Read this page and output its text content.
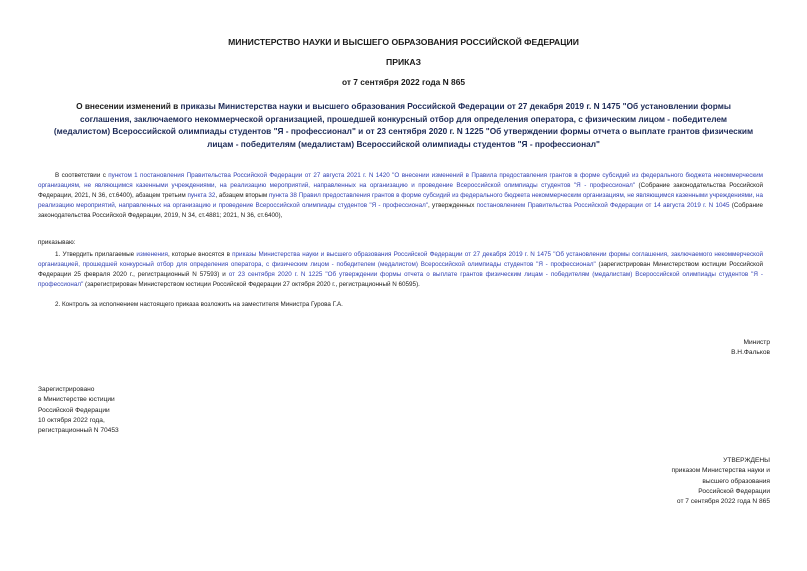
МИНИСТЕРСТВО НАУКИ И ВЫСШЕГО ОБРАЗОВАНИЯ РОССИЙСКОЙ ФЕДЕРАЦИИ
ПРИКАЗ
от 7 сентября 2022 года N 865
О внесении изменений в приказы Министерства науки и высшего образования Российской Федерации от 27 декабря 2019 г. N 1475 "Об установлении формы соглашения, заключаемого некоммерческой организацией, прошедшей конкурсный отбор для определения оператора, с физическим лицом - победителем (медалистом) Всероссийской олимпиады студентов "Я - профессионал" и от 23 сентября 2020 г. N 1225 "Об утверждении формы отчета о выплате грантов физическим лицам - победителям (медалистам) Всероссийской олимпиады студентов "Я - профессионал"
В соответствии с пунктом 1 постановления Правительства Российской Федерации от 27 августа 2021 г. N 1420 "О внесении изменений в Правила предоставления грантов в форме субсидий из федерального бюджета некоммерческим организациям, не являющимся казенными учреждениями, на реализацию мероприятий, направленных на организацию и проведение Всероссийской олимпиады студентов "Я - профессионал" (Собрание законодательства Российской Федерации, 2021, N 36, ст.6400), абзацем третьим пункта 32, абзацем вторым пункта 38 Правил предоставления грантов в форме субсидий из федерального бюджета некоммерческим организациям, не являющимся казенными учреждениями, на реализацию мероприятий, направленных на организацию и проведение Всероссийской олимпиады студентов "Я - профессионал", утвержденных постановлением Правительства Российской Федерации от 14 августа 2019 г. N 1045 (Собрание законодательства Российской Федерации, 2019, N 34, ст.4881; 2021, N 36, ст.6400),
приказываю:
1. Утвердить прилагаемые изменения, которые вносятся в приказы Министерства науки и высшего образования Российской Федерации от 27 декабря 2019 г. N 1475 "Об установлении формы соглашения, заключаемого некоммерческой организацией, прошедшей конкурсный отбор для определения оператора, с физическим лицом - победителем (медалистом) Всероссийской олимпиады студентов "Я - профессионал" (зарегистрирован Министерством юстиции Российской Федерации 25 февраля 2020 г., регистрационный N 57593) и от 23 сентября 2020 г. N 1225 "Об утверждении формы отчета о выплате грантов физическим лицам - победителям (медалистам) Всероссийской олимпиады студентов "Я - профессионал" (зарегистрирован Министерством юстиции Российской Федерации 27 октября 2020 г., регистрационный N 60595).
2. Контроль за исполнением настоящего приказа возложить на заместителя Министра Гурова Г.А.
Министр
В.Н.Фальков
Зарегистрировано
в Министерстве юстиции
Российской Федерации
10 октября 2022 года,
регистрационный N 70453
УТВЕРЖДЕНЫ
приказом Министерства науки и
высшего образования
Российской Федерации
от 7 сентября 2022 года N 865
